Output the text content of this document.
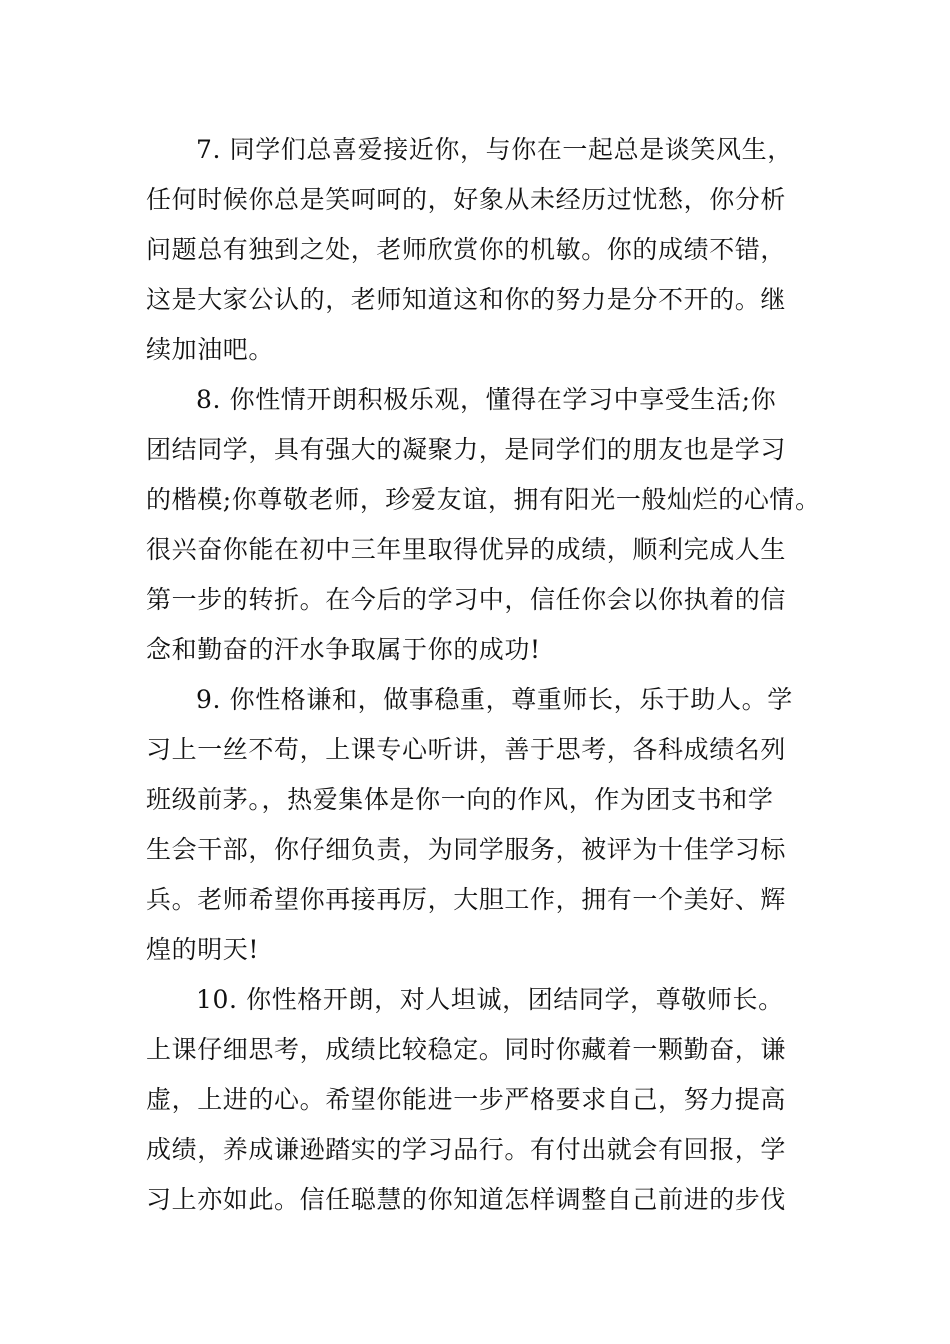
7. 同学们总喜爱接近你，与你在一起总是谈笑风生，
任何时候你总是笑呵呵的，好象从未经历过忧愁，你分析
问题总有独到之处，老师欣赏你的机敏。你的成绩不错，
这是大家公认的，老师知道这和你的努力是分不开的。继
续加油吧。
8. 你性情开朗积极乐观，懂得在学习中享受生活;你
团结同学，具有强大的凝聚力，是同学们的朋友也是学习
的楷模;你尊敬老师，珍爱友谊，拥有阳光一般灿烂的心情。
很兴奋你能在初中三年里取得优异的成绩，顺利完成人生
第一步的转折。在今后的学习中，信任你会以你执着的信
念和勤奋的汗水争取属于你的成功!
9. 你性格谦和，做事稳重，尊重师长，乐于助人。学
习上一丝不苟，上课专心听讲，善于思考，各科成绩名列
班级前茅。，热爱集体是你一向的作风，作为团支书和学
生会干部，你仔细负责，为同学服务，被评为十佳学习标
兵。老师希望你再接再厉，大胆工作，拥有一个美好、辉
煌的明天!
10. 你性格开朗，对人坦诚，团结同学，尊敬师长。
上课仔细思考，成绩比较稳定。同时你藏着一颗勤奋，谦
虚，上进的心。希望你能进一步严格要求自己，努力提高
成绩，养成谦逊踏实的学习品行。有付出就会有回报，学
习上亦如此。信任聪慧的你知道怎样调整自己前进的步伐
